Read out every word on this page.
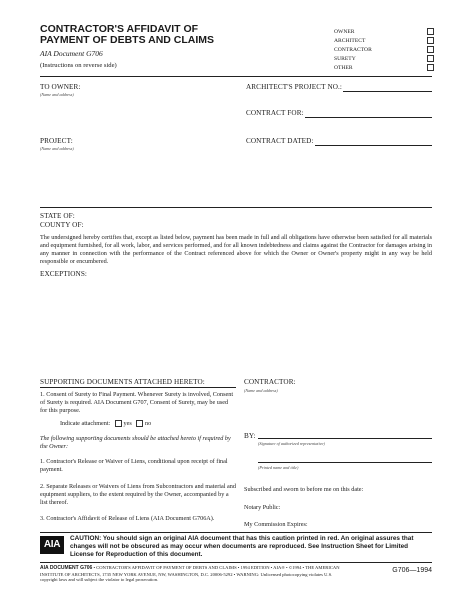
CONTRACTOR'S AFFIDAVIT OF
PAYMENT OF DEBTS AND CLAIMS
AIA Document G706
(Instructions on reverse side)
OWNER
ARCHITECT
CONTRACTOR
SURETY
OTHER
TO OWNER:
(Name and address)
ARCHITECT'S PROJECT NO.:
CONTRACT FOR:
PROJECT:
(Name and address)
CONTRACT DATED:
STATE OF:
COUNTY OF:
The undersigned hereby certifies that, except as listed below, payment has been made in full and all obligations have otherwise been satisfied for all materials and equipment furnished, for all work, labor, and services performed, and for all known indebtedness and claims against the Contractor for damages arising in any manner in connection with the performance of the Contract referenced above for which the Owner or Owner's property might in any way be held responsible or encumbered.
EXCEPTIONS:
SUPPORTING DOCUMENTS ATTACHED HERETO:
1. Consent of Surety to Final Payment. Whenever Surety is involved, Consent of Surety is required. AIA Document G707, Consent of Surety, may be used for this purpose.
Indicate attachment: yes no
The following supporting documents should be attached hereto if required by the Owner:
1. Contractor's Release or Waiver of Liens, conditional upon receipt of final payment.
2. Separate Releases or Waivers of Liens from Subcontractors and material and equipment suppliers, to the extent required by the Owner, accompanied by a list thereof.
3. Contractor's Affidavit of Release of Liens (AIA Document G706A).
CONTRACTOR:
(Name and address)
BY:
(Signature of authorized representative)
(Printed name and title)
Subscribed and sworn to before me on this date:
Notary Public:
My Commission Expires:
AIA
CAUTION: You should sign an original AIA document that has this caution printed in red. An original assures that changes will not be obscured as may occur when documents are reproduced. See Instruction Sheet for Limited License for Reproduction of this document.
AIA DOCUMENT G706 • CONTRACTOR'S AFFIDAVIT OF PAYMENT OF DEBTS AND CLAIMS • 1994 EDITION • AIA® • ©1994 • THE AMERICAN INSTITUTE OF ARCHITECTS, 1735 NEW YORK AVENUE, NW, WASHINGTON, D.C. 20006-5292 • WARNING: Unlicensed photocopying violates U.S. copyright laws and will subject the violator to legal prosecution.
G706—1994
